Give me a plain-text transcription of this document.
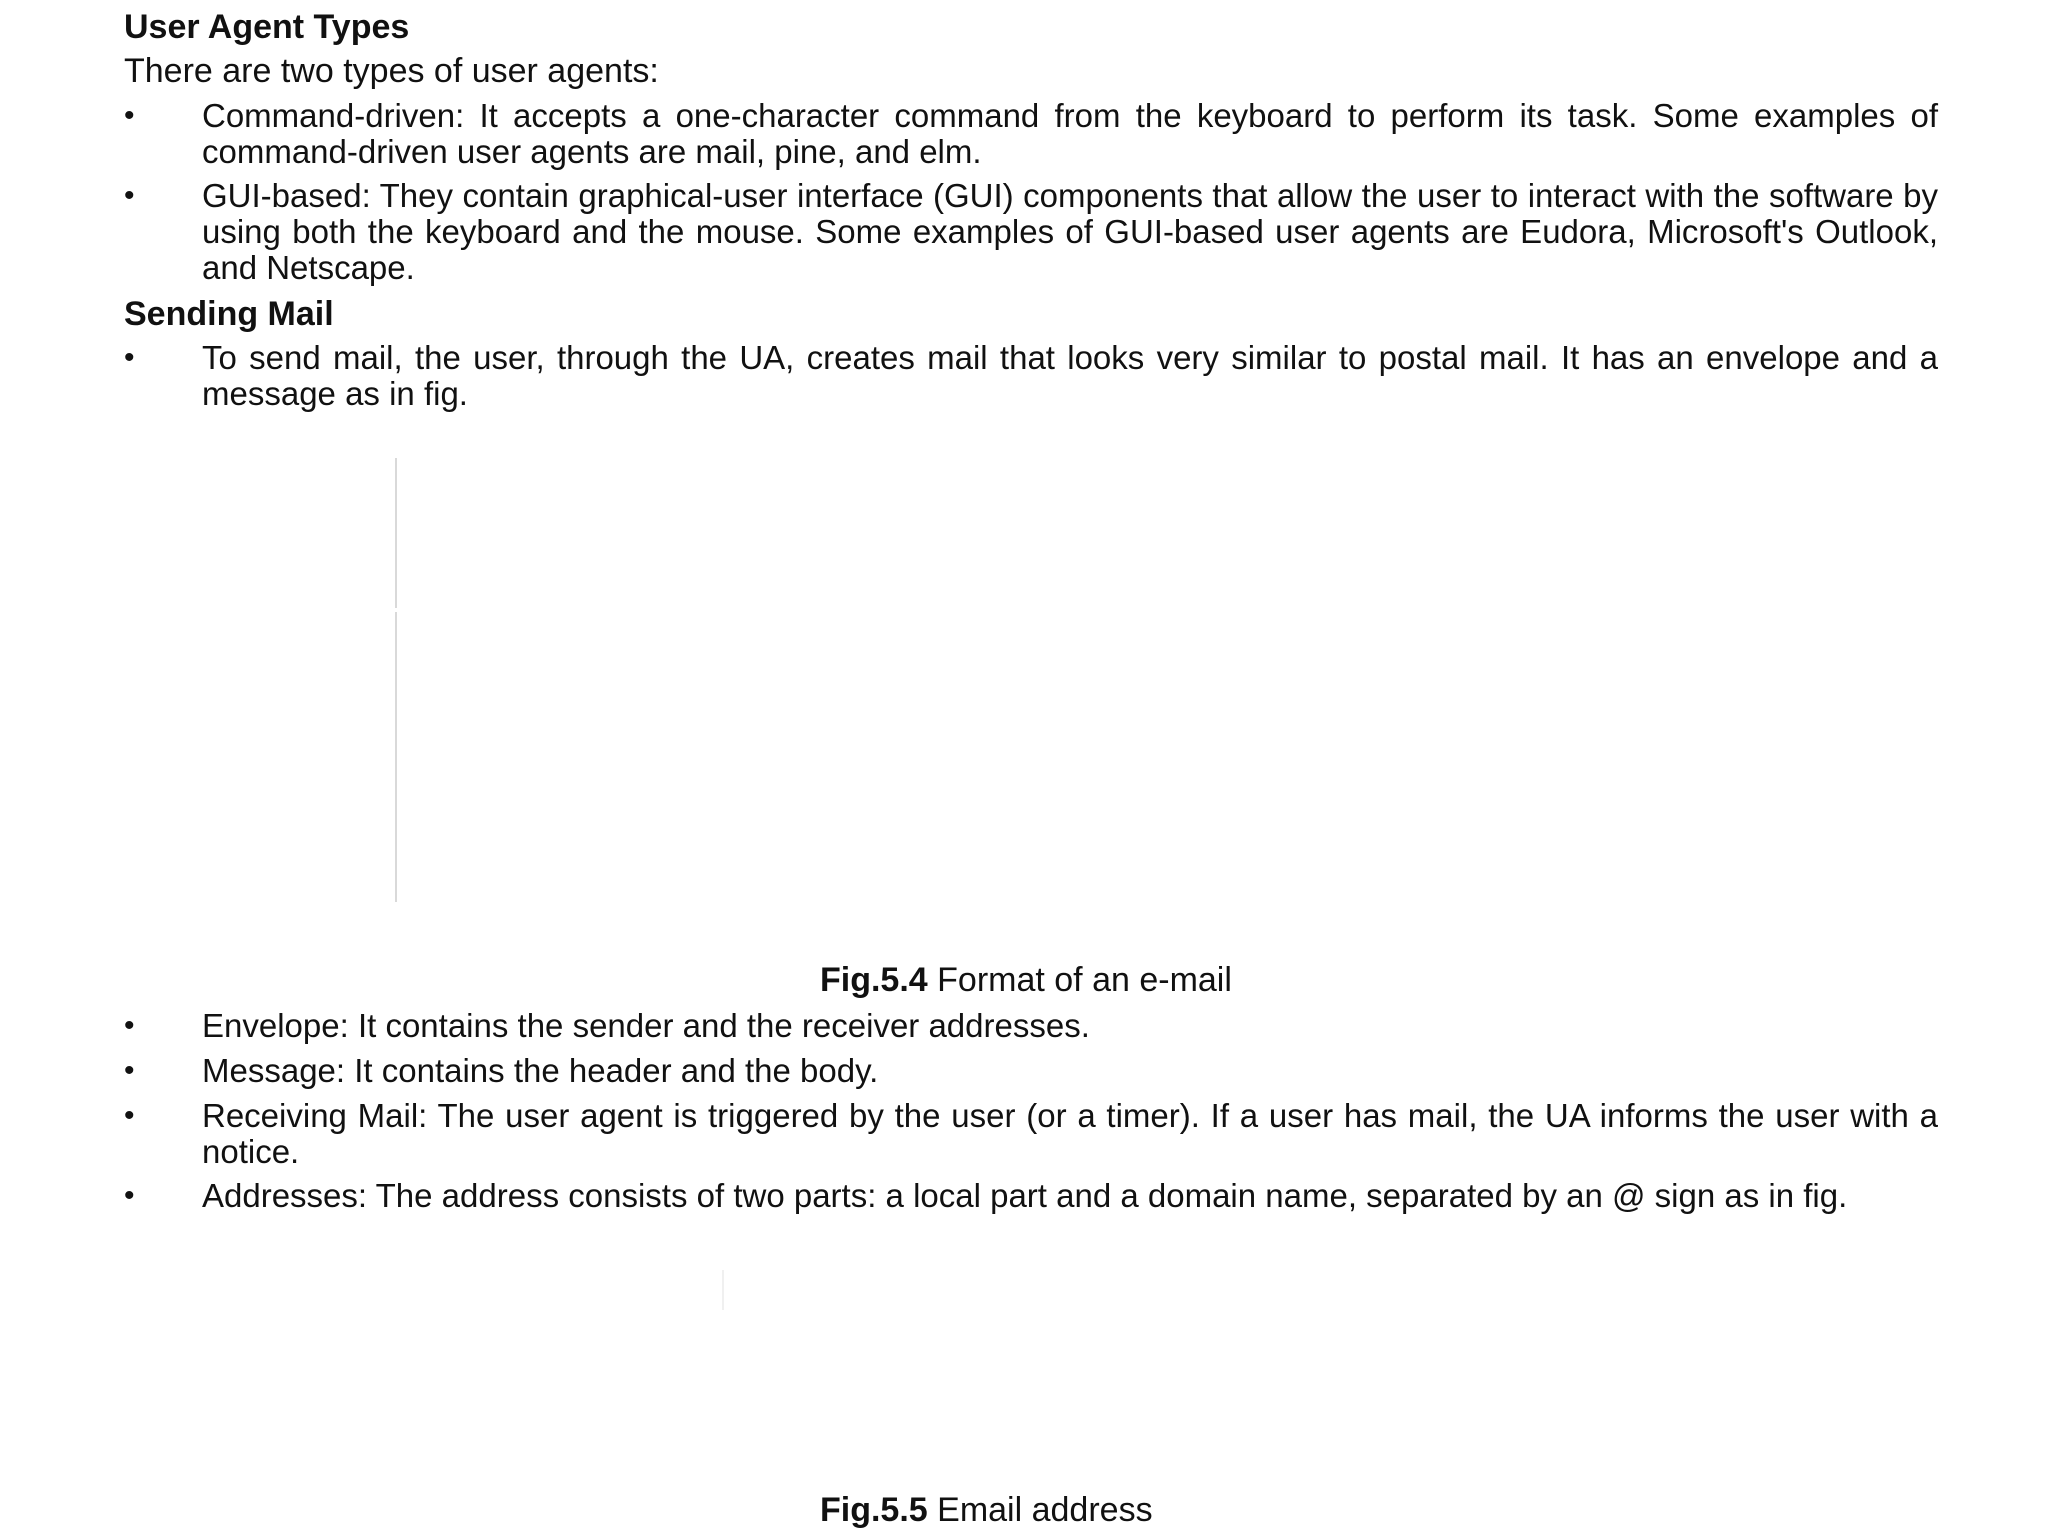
User Agent Types
There are two types of user agents:
•	Command-driven: It accepts a one-character command from the keyboard to perform its task. Some examples of command-driven user agents are mail, pine, and elm.
•	GUI-based: They contain graphical-user interface (GUI) components that allow the user to interact with the software by using both the keyboard and the mouse. Some examples of GUI-based user agents are Eudora, Microsoft's Outlook, and Netscape.
Sending Mail
•	To send mail, the user, through the UA, creates mail that looks very similar to postal mail. It has an envelope and a message as in fig.
Fig.5.4 Format of an e-mail
•	Envelope: It contains the sender and the receiver addresses.
•	Message: It contains the header and the body.
•	Receiving Mail: The user agent is triggered by the user (or a timer). If a user has mail, the UA informs the user with a notice.
•	Addresses: The address consists of two parts: a local part and a domain name, separated by an @ sign as in fig.
Fig.5.5 Email address
